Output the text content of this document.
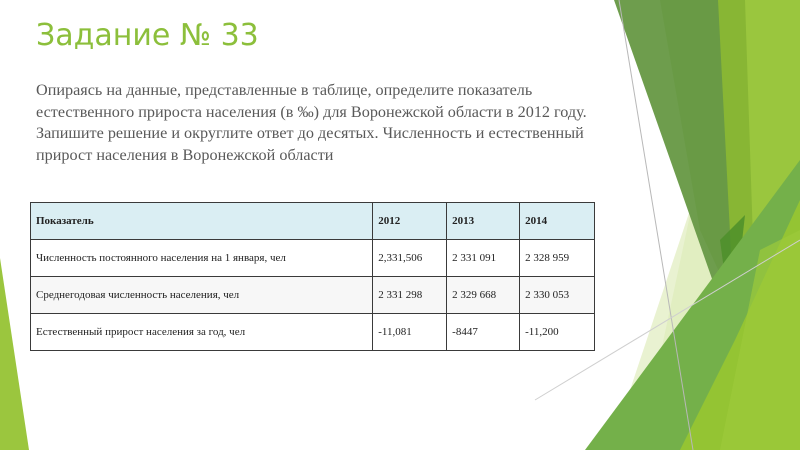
Задание № 33

Опираясь на данные, представленные в таблице, определите показатель естественного прироста населения (в ‰) для Воронежской области в 2012 году. Запишите решение и округлите ответ до десятых. Численность и естественный прирост населения в Воронежской области

Показатель	2012	2013	2014
Численность постоянного населения на 1 января, чел	2,331,506	2 331 091	2 328 959
Среднегодовая численность населения, чел	2 331 298	2 329 668	2 330 053
Естественный прирост населения за год, чел	-11,081	-8447	-11,200
